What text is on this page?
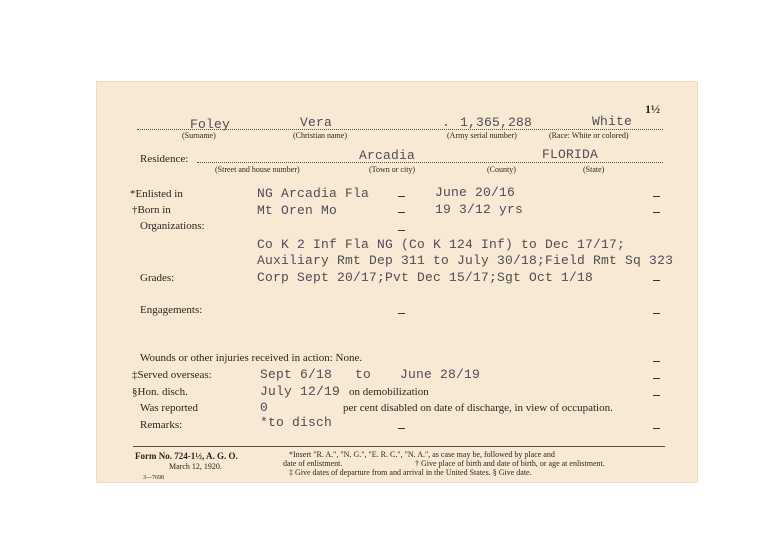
1½
Foley	Vera	. 1,365,288	White
(Surname)	(Christian name)	(Army serial number)	(Race: White or colored)
Residence:	Arcadia	FLORIDA
(Street and house number)	(Town or city)	(County)	(State)
*Enlisted in	NG Arcadia Fla	June 20/16
†Born in	Mt Oren Mo	19 3/12 yrs
Organizations:
Co K 2 Inf Fla NG (Co K 124 Inf) to Dec 17/17;
Auxiliary Rmt Dep 311 to July 30/18;Field Rmt Sq 323
Grades:	Corp Sept 20/17;Pvt Dec 15/17;Sgt Oct 1/18
Engagements:
Wounds or other injuries received in action: None.
‡Served overseas:	Sept 6/18 to June 28/19
§Hon. disch.	July 12/19 on demobilization
Was reported	0	per cent disabled on date of discharge, in view of occupation.
Remarks:	*to disch
Form No. 724-1½, A. G. O.
March 12, 1920.
3—7698
*Insert "R. A.", "N. G.", "E. R. C.", "N. A.", as case may be, followed by place and
date of enlistment.	† Give place of birth and date of birth, or age at enlistment.
‡ Give dates of departure from and arrival in the United States. § Give date.
